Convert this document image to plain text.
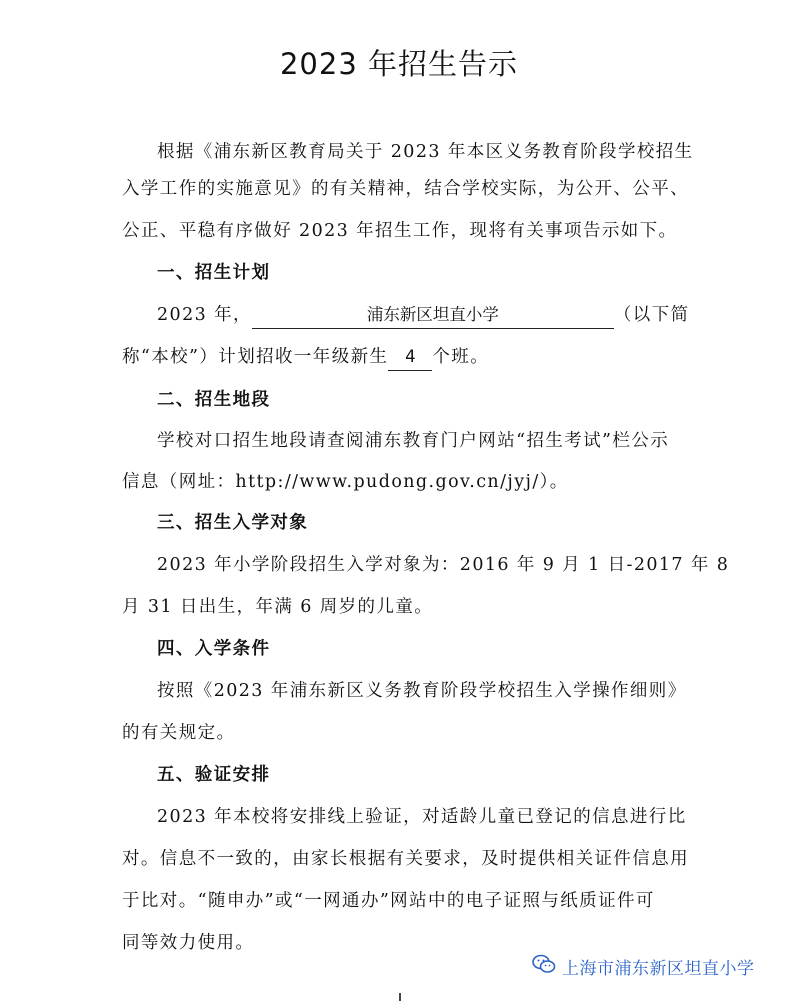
2023 年招生告示
根据《浦东新区教育局关于 2023 年本区义务教育阶段学校招生
入学工作的实施意见》的有关精神，结合学校实际，为公开、公平、
公正、平稳有序做好 2023 年招生工作，现将有关事项告示如下。
一、招生计划
2023 年，	浦东新区坦直小学	（以下简
称“本校”）计划招收一年级新生 4 个班。
二、招生地段
学校对口招生地段请查阅浦东教育门户网站“招生考试”栏公示
信息（网址：http://www.pudong.gov.cn/jyj/）。
三、招生入学对象
2023 年小学阶段招生入学对象为：2016 年 9 月 1 日-2017 年 8
月 31 日出生，年满 6 周岁的儿童。
四、入学条件
按照《2023 年浦东新区义务教育阶段学校招生入学操作细则》
的有关规定。
五、验证安排
2023 年本校将安排线上验证，对适龄儿童已登记的信息进行比
对。信息不一致的，由家长根据有关要求，及时提供相关证件信息用
于比对。“随申办”或“一网通办”网站中的电子证照与纸质证件可
同等效力使用。
上海市浦东新区坦直小学
